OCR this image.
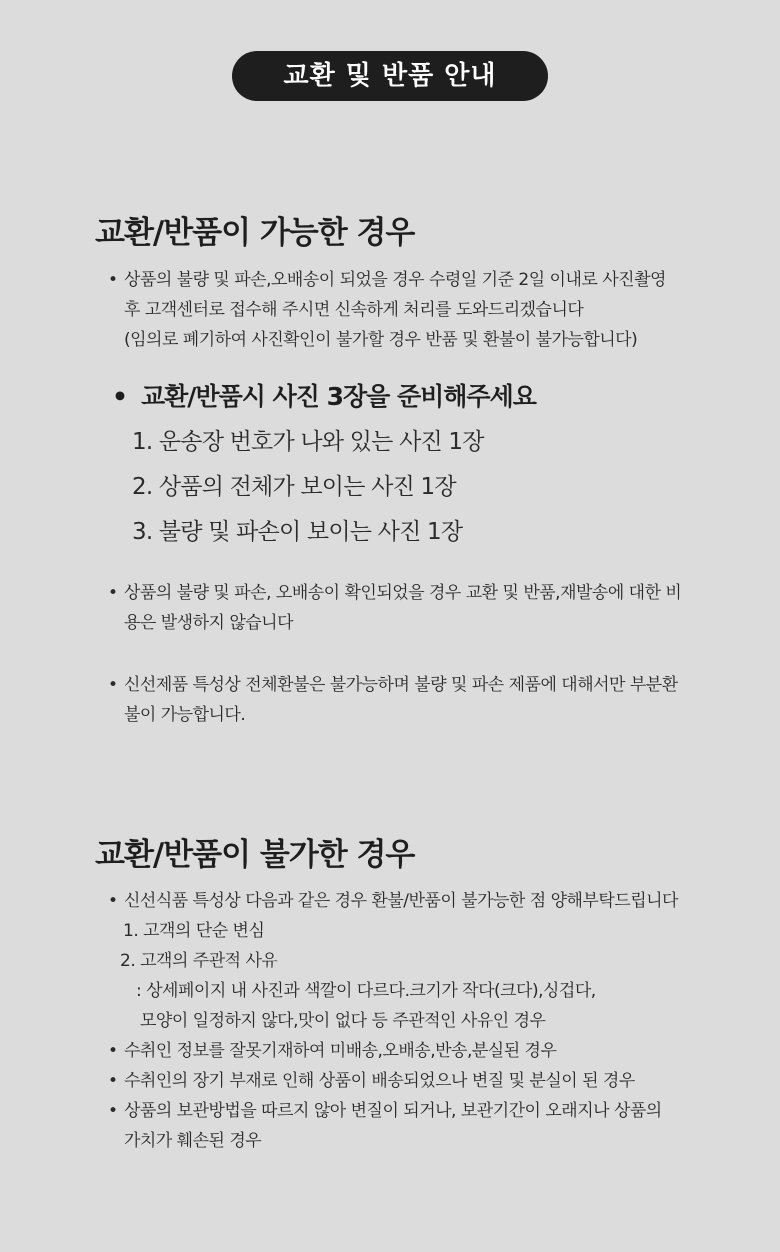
교환 및 반품 안내
교환/반품이 가능한 경우
• 상품의 불량 및 파손,오배송이 되었을 경우 수령일 기준 2일 이내로 사진촬영
후 고객센터로 접수해 주시면 신속하게 처리를 도와드리겠습니다
(임의로 폐기하여 사진확인이 불가할 경우 반품 및 환불이 불가능합니다)
• 교환/반품시 사진 3장을 준비해주세요
1. 운송장 번호가 나와 있는 사진 1장
2. 상품의 전체가 보이는 사진 1장
3. 불량 및 파손이 보이는 사진 1장
• 상품의 불량 및 파손, 오배송이 확인되었을 경우 교환 및 반품,재발송에 대한 비
용은 발생하지 않습니다
• 신선제품 특성상 전체환불은 불가능하며 불량 및 파손 제품에 대해서만 부분환
불이 가능합니다.
교환/반품이 불가한 경우
• 신선식품 특성상 다음과 같은 경우 환불/반품이 불가능한 점 양해부탁드립니다
1. 고객의 단순 변심
2. 고객의 주관적 사유
: 상세페이지 내 사진과 색깔이 다르다.크기가 작다(크다),싱겁다,
모양이 일정하지 않다,맛이 없다 등 주관적인 사유인 경우
• 수취인 정보를 잘못기재하여 미배송,오배송,반송,분실된 경우
• 수취인의 장기 부재로 인해 상품이 배송되었으나 변질 및 분실이 된 경우
• 상품의 보관방법을 따르지 않아 변질이 되거나, 보관기간이 오래지나 상품의
가치가 훼손된 경우
